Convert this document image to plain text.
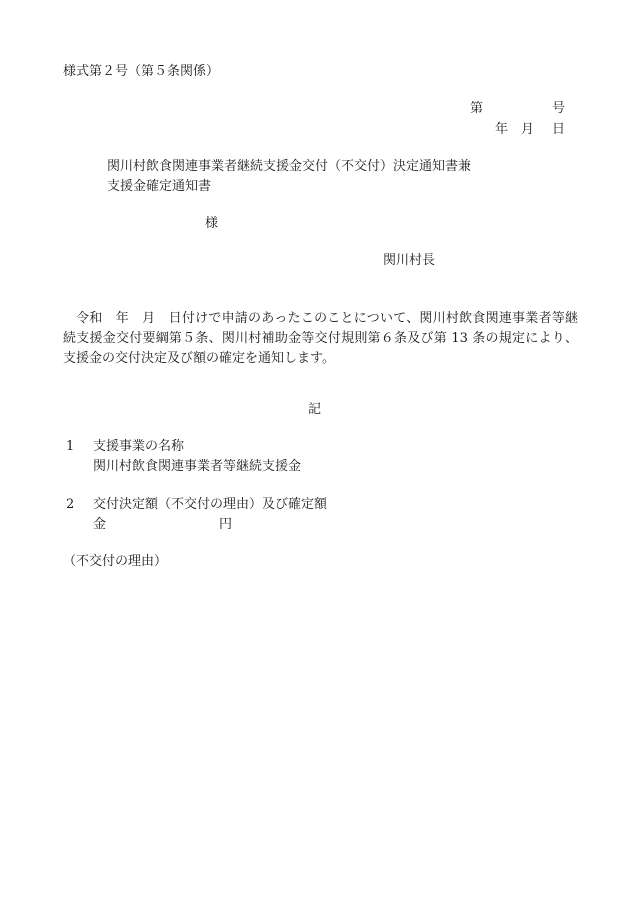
様式第２号（第５条関係）
第	号
年 月 日
関川村飲食関連事業者継続支援金交付（不交付）決定通知書兼
支援金確定通知書
様
関川村長
令和　年　月　日付けで申請のあったこのことについて、関川村飲食関連事業者等継続支援金交付要綱第５条、関川村補助金等交付規則第６条及び第 13 条の規定により、支援金の交付決定及び額の確定を通知します。
記
1 支援事業の名称
関川村飲食関連事業者等継続支援金
2 交付決定額（不交付の理由）及び確定額
金	円
（不交付の理由）
